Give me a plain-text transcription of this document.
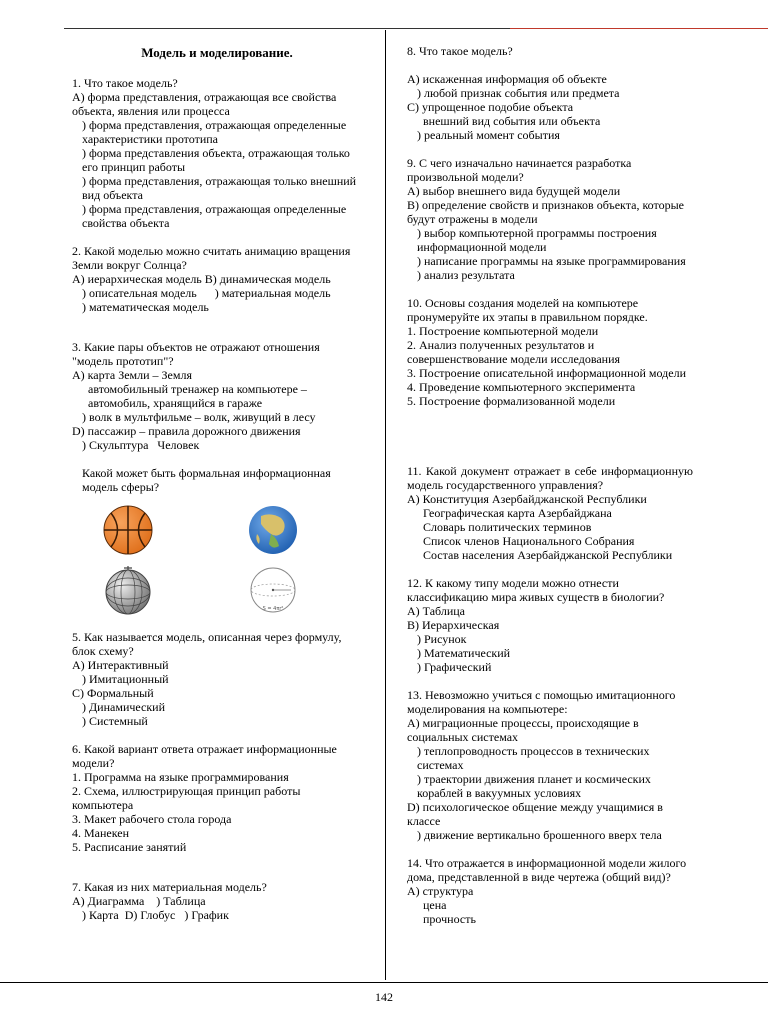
Модель и моделирование.
1. Что такое модель?
А) форма представления, отражающая все свойства объекта, явления или процесса
) форма представления, отражающая определенные характеристики прототипа
) форма представления объекта, отражающая только его принцип работы
) форма представления, отражающая только внешний вид объекта
) форма представления, отражающая определенные свойства объекта
2. Какой моделью можно считать анимацию вращения Земли вокруг Солнца?
А) иерархическая модель B) динамическая модель
) описательная модель      ) материальная модель
) математическая модель
3. Какие пары объектов не отражают отношения "модель прототип"?
А) карта Земли – Земля
автомобильный тренажер на компьютере – автомобиль, хранящийся в гараже
) волк в мультфильме – волк, живущий в лесу
D) пассажир – правила дорожного движения
) Скульптура   Человек
Какой может быть формальная информационная модель сферы?
S = 4πr²
5. Как называется модель, описанная через формулу, блок схему?
А) Интерактивный
) Имитационный
C) Формальный
) Динамический
) Системный
6. Какой вариант ответа отражает информационные модели?
1. Программа на языке программирования
2. Схема, иллюстрирующая принцип работы компьютера
3. Макет рабочего стола города
4. Манекен
5. Расписание занятий
7. Какая из них материальная модель?
А) Диаграмма    ) Таблица
) Карта  D) Глобус   ) График
8. Что такое модель?
А) искаженная информация об объекте
) любой признак события или предмета
C) упрощенное подобие объекта
внешний вид события или объекта
) реальный момент события
9. С чего изначально начинается разработка произвольной модели?
А) выбор внешнего вида будущей модели
B) определение свойств и признаков объекта, которые будут отражены в модели
) выбор компьютерной программы построения информационной модели
) написание программы на языке программирования
) анализ результата
10. Основы создания моделей на компьютере пронумеруйте их этапы в правильном порядке.
1. Построение компьютерной модели
2. Анализ полученных результатов и совершенствование модели исследования
3. Построение описательной информационной модели
4. Проведение компьютерного эксперимента
5. Построение формализованной модели
11. Какой документ отражает в себе информационную модель государственного управления?
А) Конституция Азербайджанской Республики
Географическая карта Азербайджана
Словарь политических терминов
Список членов Национального Собрания
Состав населения Азербайджанской Республики
12. К какому типу модели можно отнести классификацию мира живых существ в биологии?
А) Таблица
B) Иерархическая
) Рисунок
) Математический
) Графический
13. Невозможно учиться с помощью имитационного моделирования на компьютере:
А) миграционные процессы, происходящие в социальных системах
) теплопроводность процессов в технических системах
) траектории движения планет и космических кораблей в вакуумных условиях
D) психологическое общение между учащимися в классе
) движение вертикально брошенного вверх тела
14. Что отражается в информационной модели жилого дома, представленной в виде чертежа (общий вид)?
А) структура
цена
прочность
142
